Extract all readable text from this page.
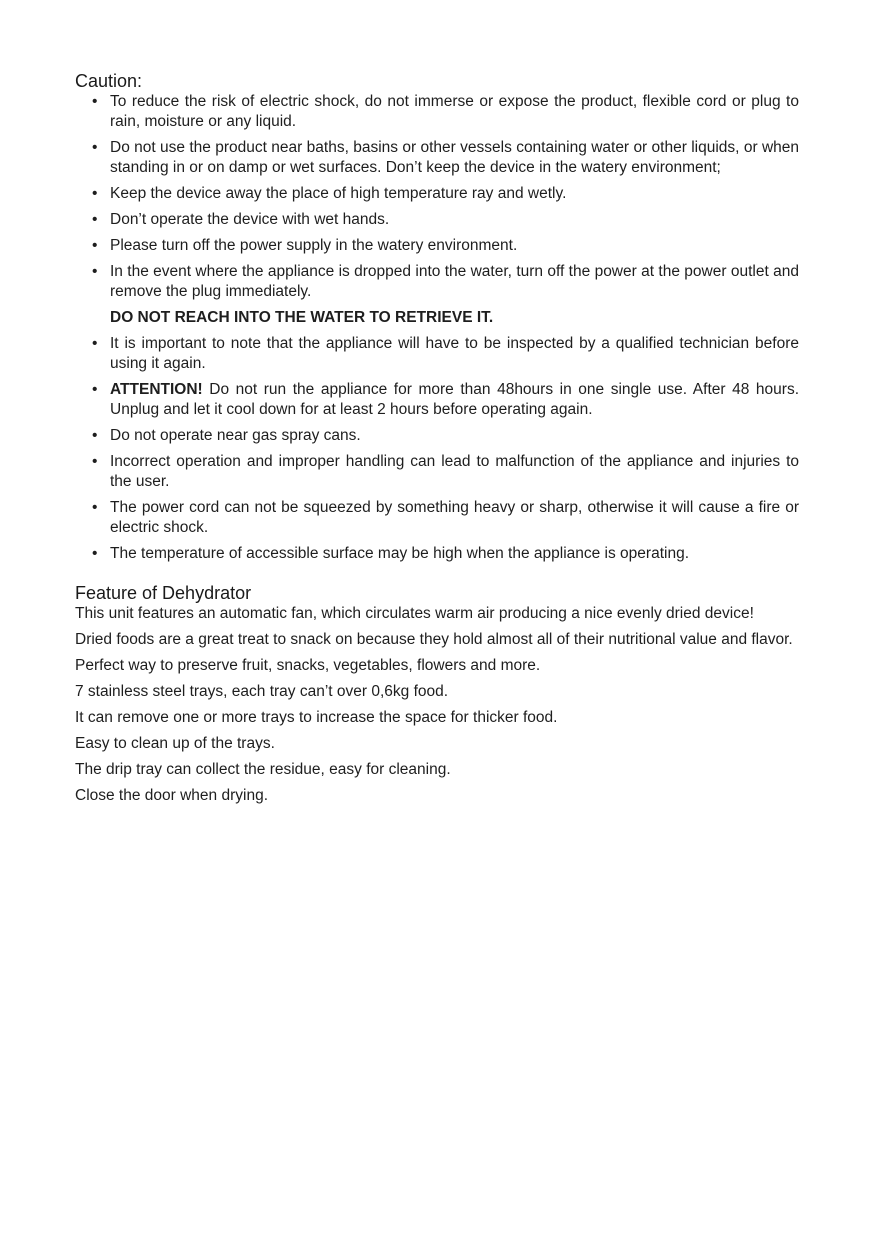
Caution:
• To reduce the risk of electric shock, do not immerse or expose the product, flexible cord or plug to rain, moisture or any liquid.
• Do not use the product near baths, basins or other vessels containing water or other liquids, or when standing in or on damp or wet surfaces. Don’t keep the device in the watery environment;
• Keep the device away the place of high temperature ray and wetly.
• Don’t operate the device with wet hands.
• Please turn off the power supply in the watery environment.
• In the event where the appliance is dropped into the water, turn off the power at the power outlet and remove the plug immediately.
DO NOT REACH INTO THE WATER TO RETRIEVE IT.
• It is important to note that the appliance will have to be inspected by a qualified technician before using it again.
• ATTENTION! Do not run the appliance for more than 48hours in one single use. After 48 hours. Unplug and let it cool down for at least 2 hours before operating again.
• Do not operate near gas spray cans.
• Incorrect operation and improper handling can lead to malfunction of the appliance and injuries to the user.
• The power cord can not be squeezed by something heavy or sharp, otherwise it will cause a fire or electric shock.
• The temperature of accessible surface may be high when the appliance is operating.
Feature of Dehydrator

This unit features an automatic fan, which circulates warm air producing a nice evenly dried device!

Dried foods are a great treat to snack on because they hold almost all of their nutritional value and flavor.

Perfect way to preserve fruit, snacks, vegetables, flowers and more.

7 stainless steel trays, each tray can’t over 0,6kg food.

It can remove one or more trays to increase the space for thicker food.

Easy to clean up of the trays.

The drip tray can collect the residue, easy for cleaning.

Close the door when drying.
